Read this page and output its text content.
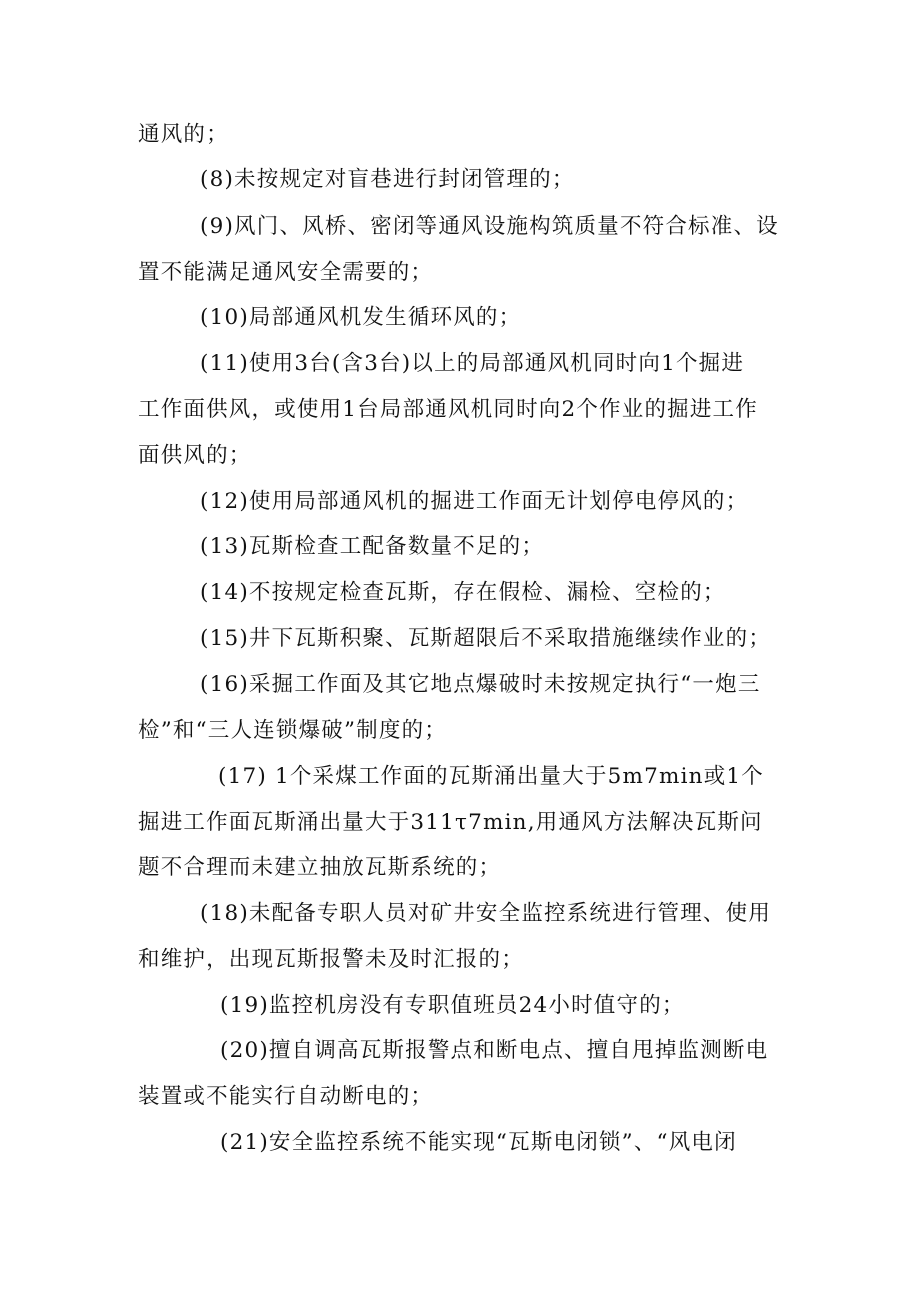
通风的；

(8)未按规定对盲巷进行封闭管理的；

(9)风门、风桥、密闭等通风设施构筑质量不符合标准、设

置不能满足通风安全需要的；

(10)局部通风机发生循环风的；

(11)使用3台(含3台)以上的局部通风机同时向1个掘进

工作面供风，或使用1台局部通风机同时向2个作业的掘进工作

面供风的；

(12)使用局部通风机的掘进工作面无计划停电停风的；

(13)瓦斯检查工配备数量不足的；

(14)不按规定检查瓦斯，存在假检、漏检、空检的；

(15)井下瓦斯积聚、瓦斯超限后不采取措施继续作业的；

(16)采掘工作面及其它地点爆破时未按规定执行“一炮三

检”和“三人连锁爆破”制度的；

(17) 1个采煤工作面的瓦斯涌出量大于5m7min或1个

掘进工作面瓦斯涌出量大于311τ7min,用通风方法解决瓦斯问

题不合理而未建立抽放瓦斯系统的；

(18)未配备专职人员对矿井安全监控系统进行管理、使用

和维护，出现瓦斯报警未及时汇报的；

(19)监控机房没有专职值班员24小时值守的；

(20)擅自调高瓦斯报警点和断电点、擅自甩掉监测断电

装置或不能实行自动断电的；

(21)安全监控系统不能实现“瓦斯电闭锁”、“风电闭
